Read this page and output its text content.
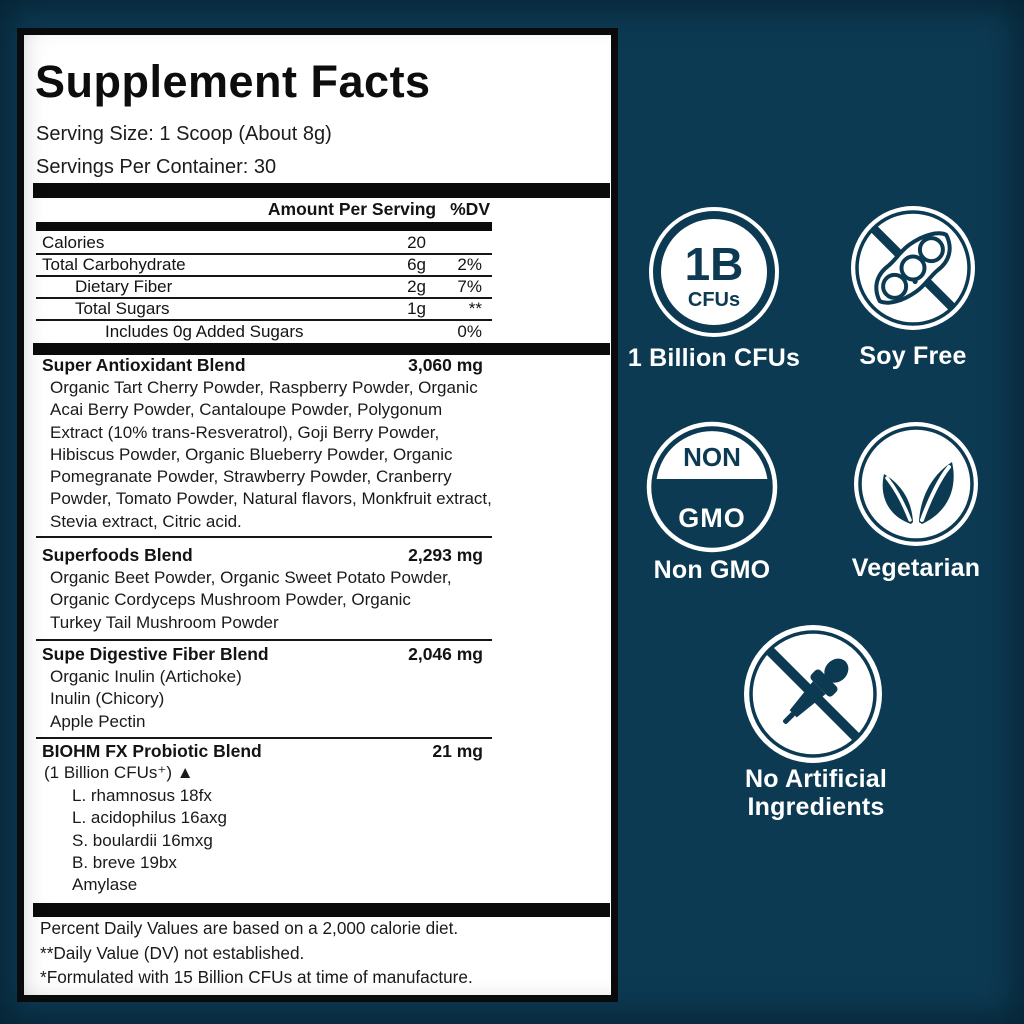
Supplement Facts
Serving Size: 1 Scoop (About 8g)
Servings Per Container: 30
Amount Per Serving %DV
Calories	20
Total Carbohydrate	6g	2%
Dietary Fiber	2g	7%
Total Sugars	1g	**
Includes 0g Added Sugars	0%
Super Antioxidant Blend	3,060 mg
Organic Tart Cherry Powder, Raspberry Powder, Organic
Acai Berry Powder, Cantaloupe Powder, Polygonum
Extract (10% trans-Resveratrol), Goji Berry Powder,
Hibiscus Powder, Organic Blueberry Powder, Organic
Pomegranate Powder, Strawberry Powder, Cranberry
Powder, Tomato Powder, Natural flavors, Monkfruit extract,
Stevia extract, Citric acid.
Superfoods Blend	2,293 mg
Organic Beet Powder, Organic Sweet Potato Powder,
Organic Cordyceps Mushroom Powder, Organic
Turkey Tail Mushroom Powder
Supe Digestive Fiber Blend	2,046 mg
Organic Inulin (Artichoke)
Inulin (Chicory)
Apple Pectin
BIOHM FX Probiotic Blend	21 mg
(1 Billion CFUs⁺) ▲
L. rhamnosus 18fx
L. acidophilus 16axg
S. boulardii 16mxg
B. breve 19bx
Amylase
Percent Daily Values are based on a 2,000 calorie diet.
**Daily Value (DV) not established.
*Formulated with 15 Billion CFUs at time of manufacture.
1B
CFUs
1 Billion CFUs	Soy Free
NON
GMO
Non GMO	Vegetarian
No Artificial
Ingredients
